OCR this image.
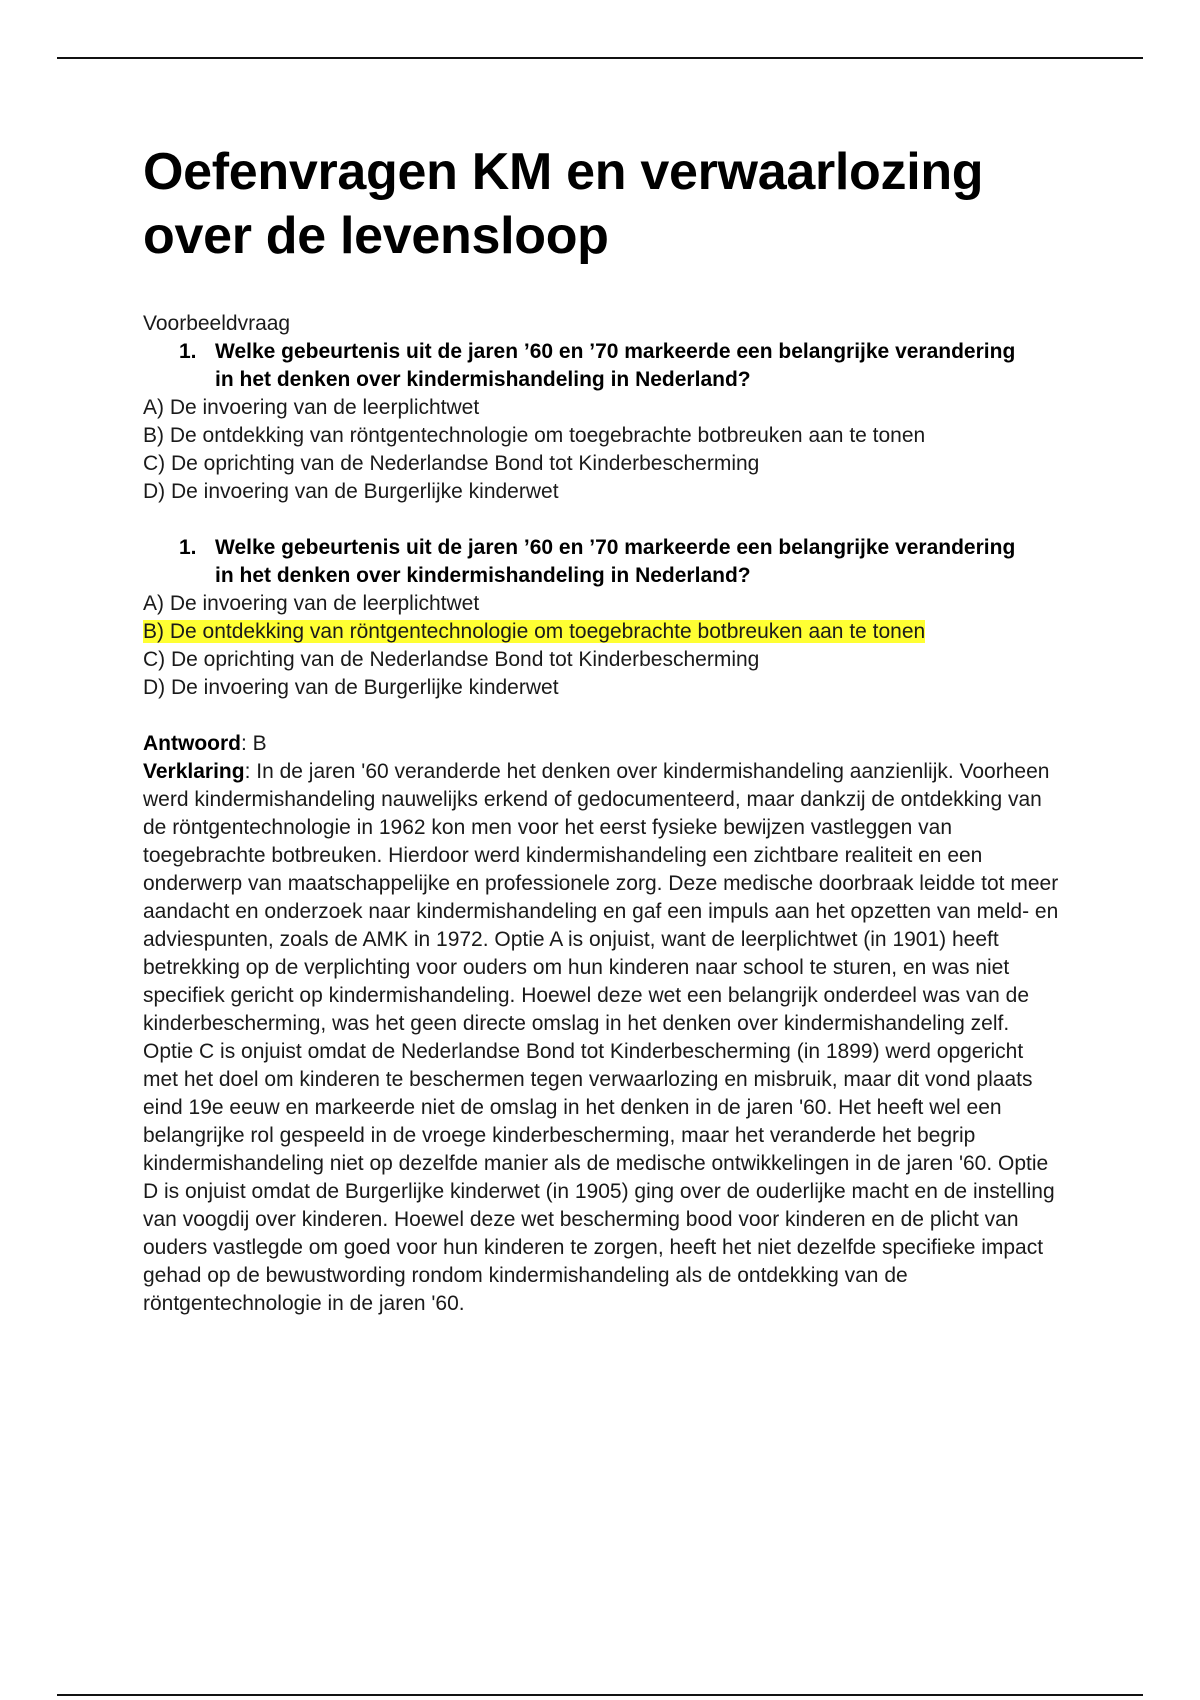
Oefenvragen KM en verwaarlozing over de levensloop
Voorbeeldvraag
1. Welke gebeurtenis uit de jaren ’60 en ’70 markeerde een belangrijke verandering in het denken over kindermishandeling in Nederland?
A) De invoering van de leerplichtwet
B) De ontdekking van röntgentechnologie om toegebrachte botbreuken aan te tonen
C) De oprichting van de Nederlandse Bond tot Kinderbescherming
D) De invoering van de Burgerlijke kinderwet
1. Welke gebeurtenis uit de jaren ’60 en ’70 markeerde een belangrijke verandering in het denken over kindermishandeling in Nederland?
A) De invoering van de leerplichtwet
B) De ontdekking van röntgentechnologie om toegebrachte botbreuken aan te tonen
C) De oprichting van de Nederlandse Bond tot Kinderbescherming
D) De invoering van de Burgerlijke kinderwet
Antwoord: B
Verklaring: In de jaren '60 veranderde het denken over kindermishandeling aanzienlijk. Voorheen werd kindermishandeling nauwelijks erkend of gedocumenteerd, maar dankzij de ontdekking van de röntgentechnologie in 1962 kon men voor het eerst fysieke bewijzen vastleggen van toegebrachte botbreuken. Hierdoor werd kindermishandeling een zichtbare realiteit en een onderwerp van maatschappelijke en professionele zorg. Deze medische doorbraak leidde tot meer aandacht en onderzoek naar kindermishandeling en gaf een impuls aan het opzetten van meld- en adviespunten, zoals de AMK in 1972. Optie A is onjuist, want de leerplichtwet (in 1901) heeft betrekking op de verplichting voor ouders om hun kinderen naar school te sturen, en was niet specifiek gericht op kindermishandeling. Hoewel deze wet een belangrijk onderdeel was van de kinderbescherming, was het geen directe omslag in het denken over kindermishandeling zelf. Optie C is onjuist omdat de Nederlandse Bond tot Kinderbescherming (in 1899) werd opgericht met het doel om kinderen te beschermen tegen verwaarlozing en misbruik, maar dit vond plaats eind 19e eeuw en markeerde niet de omslag in het denken in de jaren '60. Het heeft wel een belangrijke rol gespeeld in de vroege kinderbescherming, maar het veranderde het begrip kindermishandeling niet op dezelfde manier als de medische ontwikkelingen in de jaren '60. Optie D is onjuist omdat de Burgerlijke kinderwet (in 1905) ging over de ouderlijke macht en de instelling van voogdij over kinderen. Hoewel deze wet bescherming bood voor kinderen en de plicht van ouders vastlegde om goed voor hun kinderen te zorgen, heeft het niet dezelfde specifieke impact gehad op de bewustwording rondom kindermishandeling als de ontdekking van de röntgentechnologie in de jaren '60.
